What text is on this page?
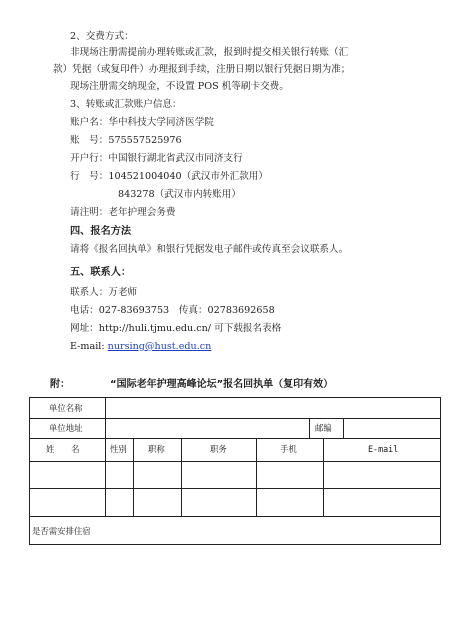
2、交费方式：
非现场注册需提前办理转账或汇款，报到时提交相关银行转账（汇
款）凭据（或复印件）办理报到手续，注册日期以银行凭据日期为准；
现场注册需交纳现金，不设置 POS 机等刷卡交费。
3、转账或汇款账户信息：
账户名：华中科技大学同济医学院
账　号：575557525976
开户行：中国银行湖北省武汉市同济支行
行　号：104521004040（武汉市外汇款用）
843278（武汉市内转账用）
请注明：老年护理会务费
四、报名方法
请将《报名回执单》和银行凭据发电子邮件或传真至会议联系人。
五、联系人：
联系人：万老师
电话：027-83693753　传真：02783692658
网址：http://huli.tjmu.edu.cn/ 可下载报名表格
E-mail: nursing@hust.edu.cn
附：	“国际老年护理高峰论坛”报名回执单（复印有效）
单位名称
单位地址	邮编
姓　　名	性别	职称	职务	手机	E-mail
是否需安排住宿
